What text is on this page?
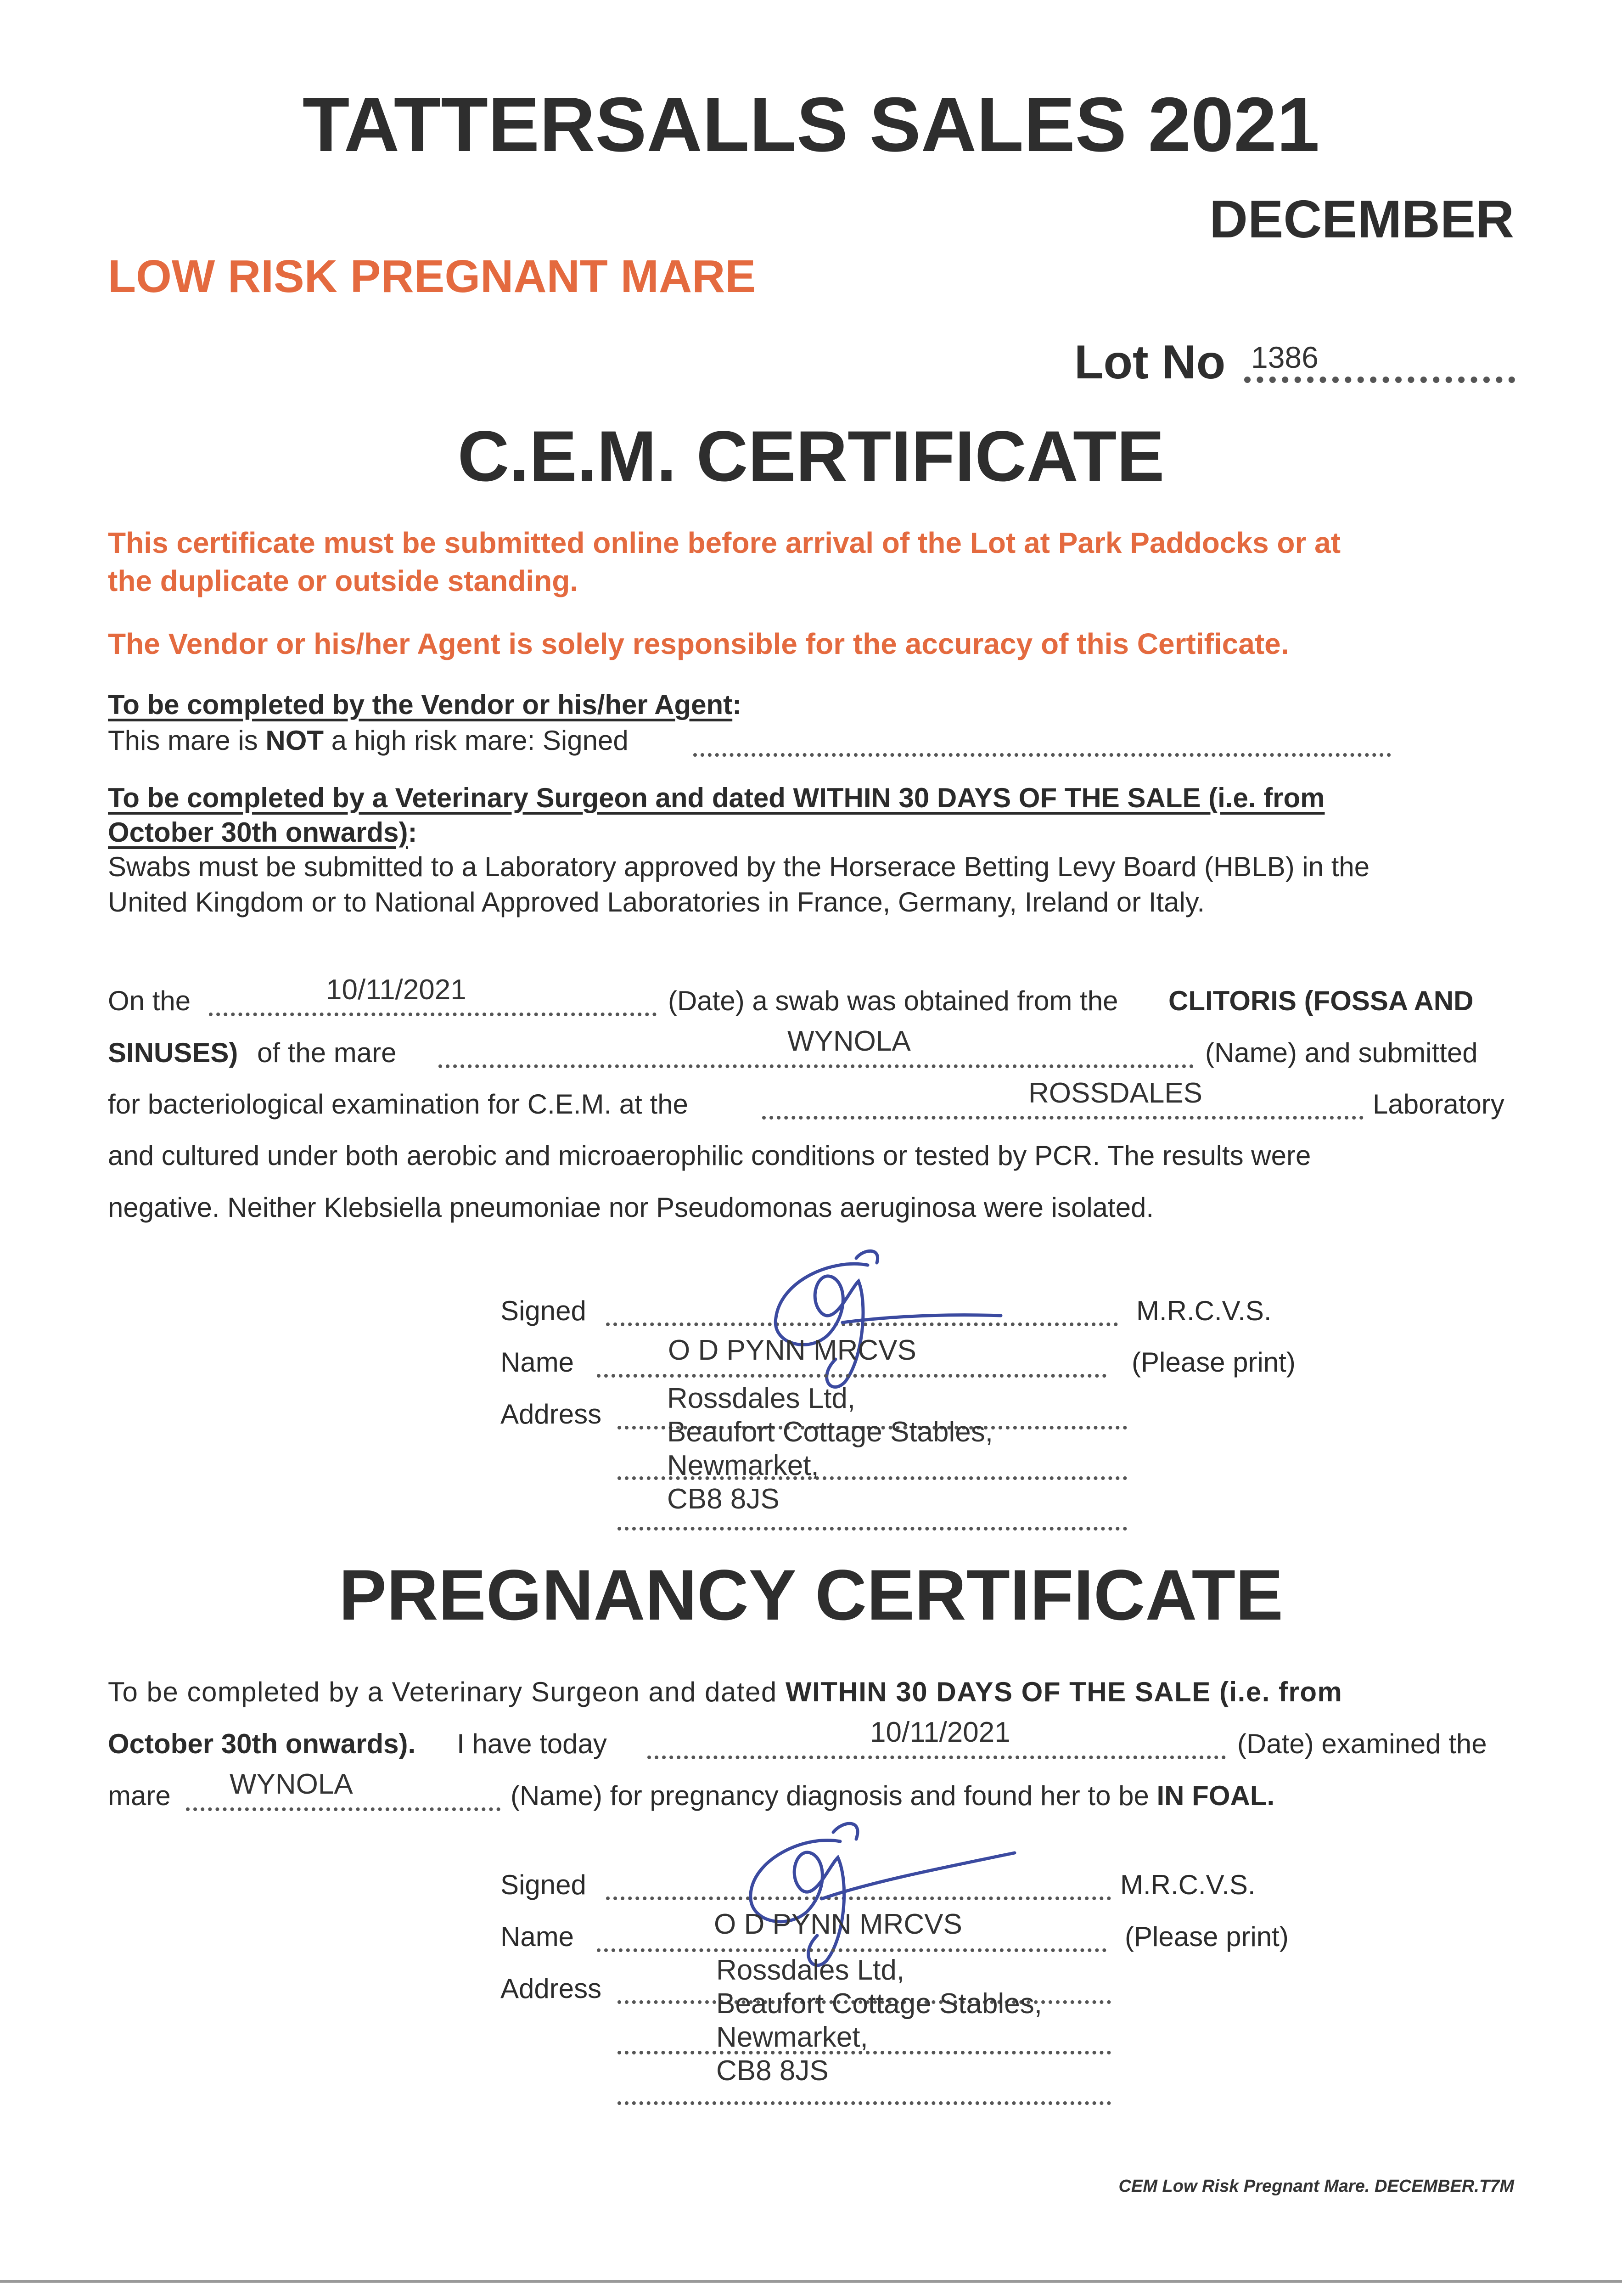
TATTERSALLS SALES 2021
DECEMBER
LOW RISK PREGNANT MARE
Lot No 1386
C.E.M. CERTIFICATE
This certificate must be submitted online before arrival of the Lot at Park Paddocks or at
the duplicate or outside standing.
The Vendor or his/her Agent is solely responsible for the accuracy of this Certificate.
To be completed by the Vendor or his/her Agent:
This mare is NOT a high risk mare: Signed
To be completed by a Veterinary Surgeon and dated WITHIN 30 DAYS OF THE SALE (i.e. from
October 30th onwards):
Swabs must be submitted to a Laboratory approved by the Horserace Betting Levy Board (HBLB) in the
United Kingdom or to National Approved Laboratories in France, Germany, Ireland or Italy.
On the	10/11/2021	(Date) a swab was obtained from the CLITORIS (FOSSA AND
SINUSES) of the mare	WYNOLA	(Name) and submitted
for bacteriological examination for C.E.M. at the	ROSSDALES	Laboratory
and cultured under both aerobic and microaerophilic conditions or tested by PCR. The results were
negative. Neither Klebsiella pneumoniae nor Pseudomonas aeruginosa were isolated.
Signed	M.R.C.V.S.
Name	O D PYNN MRCVS	(Please print)
Address Rossdales Ltd,
Beaufort Cottage Stables,
Newmarket,
CB8 8JS
PREGNANCY CERTIFICATE
To be completed by a Veterinary Surgeon and dated WITHIN 30 DAYS OF THE SALE (i.e. from
October 30th onwards). I have today	10/11/2021	(Date) examined the
mare WYNOLA	(Name) for pregnancy diagnosis and found her to be IN FOAL.
Signed	M.R.C.V.S.
Name	O D PYNN MRCVS	(Please print)
Address
Rossdales Ltd,
Beaufort Cottage Stables,
Newmarket,
CB8 8JS
CEM Low Risk Pregnant Mare. DECEMBER.T7M
